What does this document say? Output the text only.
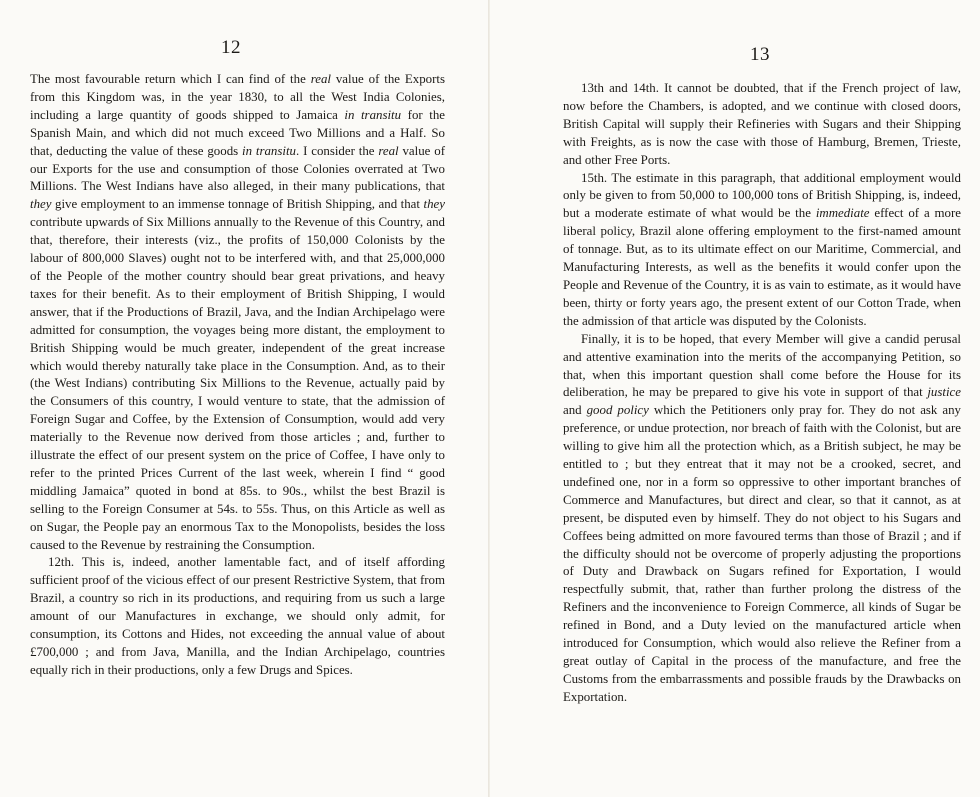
12

The most favourable return which I can find of the real value of the Exports from this Kingdom was, in the year 1830, to all the West India Colonies, including a large quantity of goods shipped to Jamaica in transitu for the Spanish Main, and which did not much exceed Two Millions and a Half. So that, deducting the value of these goods in transitu. I consider the real value of our Exports for the use and consumption of those Colonies overrated at Two Millions. The West Indians have also alleged, in their many publications, that they give employment to an immense tonnage of British Shipping, and that they contribute upwards of Six Millions annually to the Revenue of this Country, and that, therefore, their interests (viz., the profits of 150,000 Colonists by the labour of 800,000 Slaves) ought not to be interfered with, and that 25,000,000 of the People of the mother country should bear great privations, and heavy taxes for their benefit. As to their employment of British Shipping, I would answer, that if the Productions of Brazil, Java, and the Indian Archipelago were admitted for consumption, the voyages being more distant, the employment to British Shipping would be much greater, independent of the great increase which would thereby naturally take place in the Consumption. And, as to their (the West Indians) contributing Six Millions to the Revenue, actually paid by the Consumers of this country, I would venture to state, that the admission of Foreign Sugar and Coffee, by the Extension of Consumption, would add very materially to the Revenue now derived from those articles ; and, further to illustrate the effect of our present system on the price of Coffee, I have only to refer to the printed Prices Current of the last week, wherein I find “ good middling Jamaica” quoted in bond at 85s. to 90s., whilst the best Brazil is selling to the Foreign Consumer at 54s. to 55s. Thus, on this Article as well as on Sugar, the People pay an enormous Tax to the Monopolists, besides the loss caused to the Revenue by restraining the Consumption.

12th. This is, indeed, another lamentable fact, and of itself affording sufficient proof of the vicious effect of our present Restrictive System, that from Brazil, a country so rich in its productions, and requiring from us such a large amount of our Manufactures in exchange, we should only admit, for consumption, its Cottons and Hides, not exceeding the annual value of about £700,000 ; and from Java, Manilla, and the Indian Archipelago, countries equally rich in their productions, only a few Drugs and Spices.

13

13th and 14th. It cannot be doubted, that if the French project of law, now before the Chambers, is adopted, and we continue with closed doors, British Capital will supply their Refineries with Sugars and their Shipping with Freights, as is now the case with those of Hamburg, Bremen, Trieste, and other Free Ports.

15th. The estimate in this paragraph, that additional employment would only be given to from 50,000 to 100,000 tons of British Shipping, is, indeed, but a moderate estimate of what would be the immediate effect of a more liberal policy, Brazil alone offering employment to the first-named amount of tonnage. But, as to its ultimate effect on our Maritime, Commercial, and Manufacturing Interests, as well as the benefits it would confer upon the People and Revenue of the Country, it is as vain to estimate, as it would have been, thirty or forty years ago, the present extent of our Cotton Trade, when the admission of that article was disputed by the Colonists.

Finally, it is to be hoped, that every Member will give a candid perusal and attentive examination into the merits of the accompanying Petition, so that, when this important question shall come before the House for its deliberation, he may be prepared to give his vote in support of that justice and good policy which the Petitioners only pray for. They do not ask any preference, or undue protection, nor breach of faith with the Colonist, but are willing to give him all the protection which, as a British subject, he may be entitled to ; but they entreat that it may not be a crooked, secret, and undefined one, nor in a form so oppressive to other important branches of Commerce and Manufactures, but direct and clear, so that it cannot, as at present, be disputed even by himself. They do not object to his Sugars and Coffees being admitted on more favoured terms than those of Brazil ; and if the difficulty should not be overcome of properly adjusting the proportions of Duty and Drawback on Sugars refined for Exportation, I would respectfully submit, that, rather than further prolong the distress of the Refiners and the inconvenience to Foreign Commerce, all kinds of Sugar be refined in Bond, and a Duty levied on the manufactured article when introduced for Consumption, which would also relieve the Refiner from a great outlay of Capital in the process of the manufacture, and free the Customs from the embarrassments and possible frauds by the Drawbacks on Exportation.
